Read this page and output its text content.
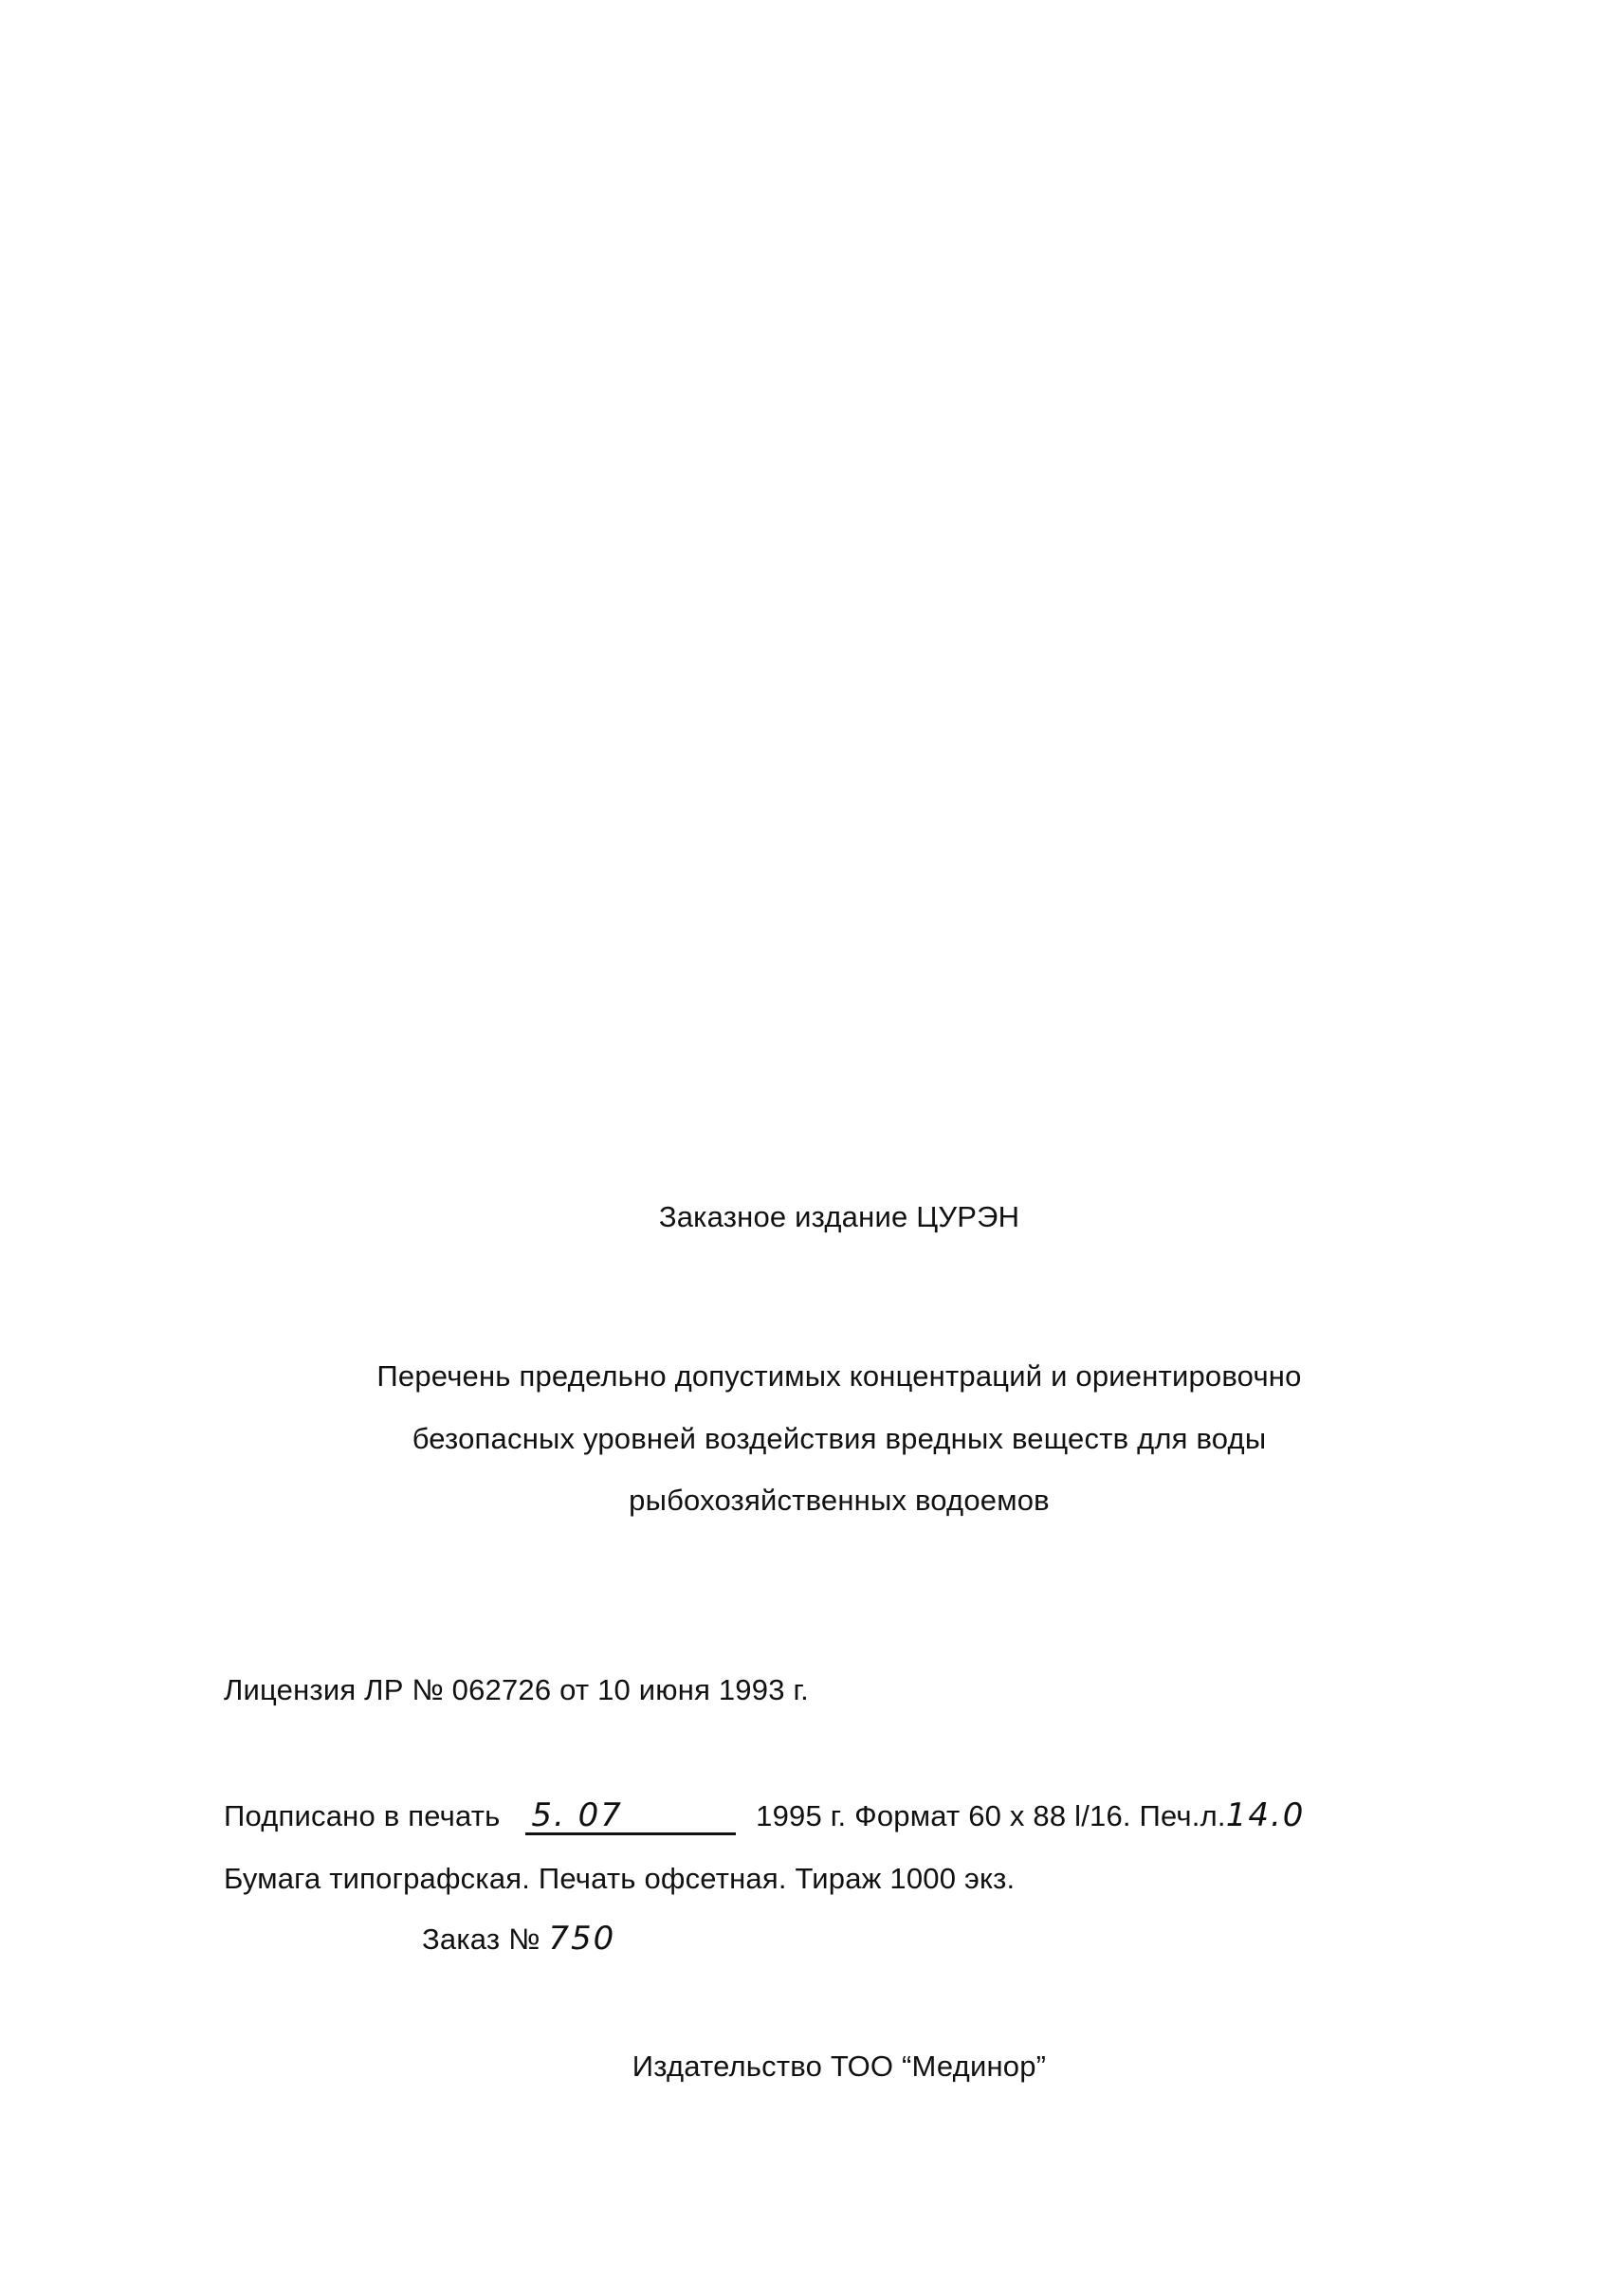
Заказное издание ЦУРЭН
Перечень предельно допустимых концентраций и ориентировочно
безопасных уровней воздействия вредных веществ для воды
рыбохозяйственных водоемов
Лицензия ЛР № 062726 от 10 июня 1993 г.
Подписано в печать 5. 07	1995 г. Формат 60 х 88 l/16. Печ.л.14.0
Бумага типографская. Печать офсетная. Тираж 1000 экз.
Заказ № 750
Издательство ТОО “Мединор”
